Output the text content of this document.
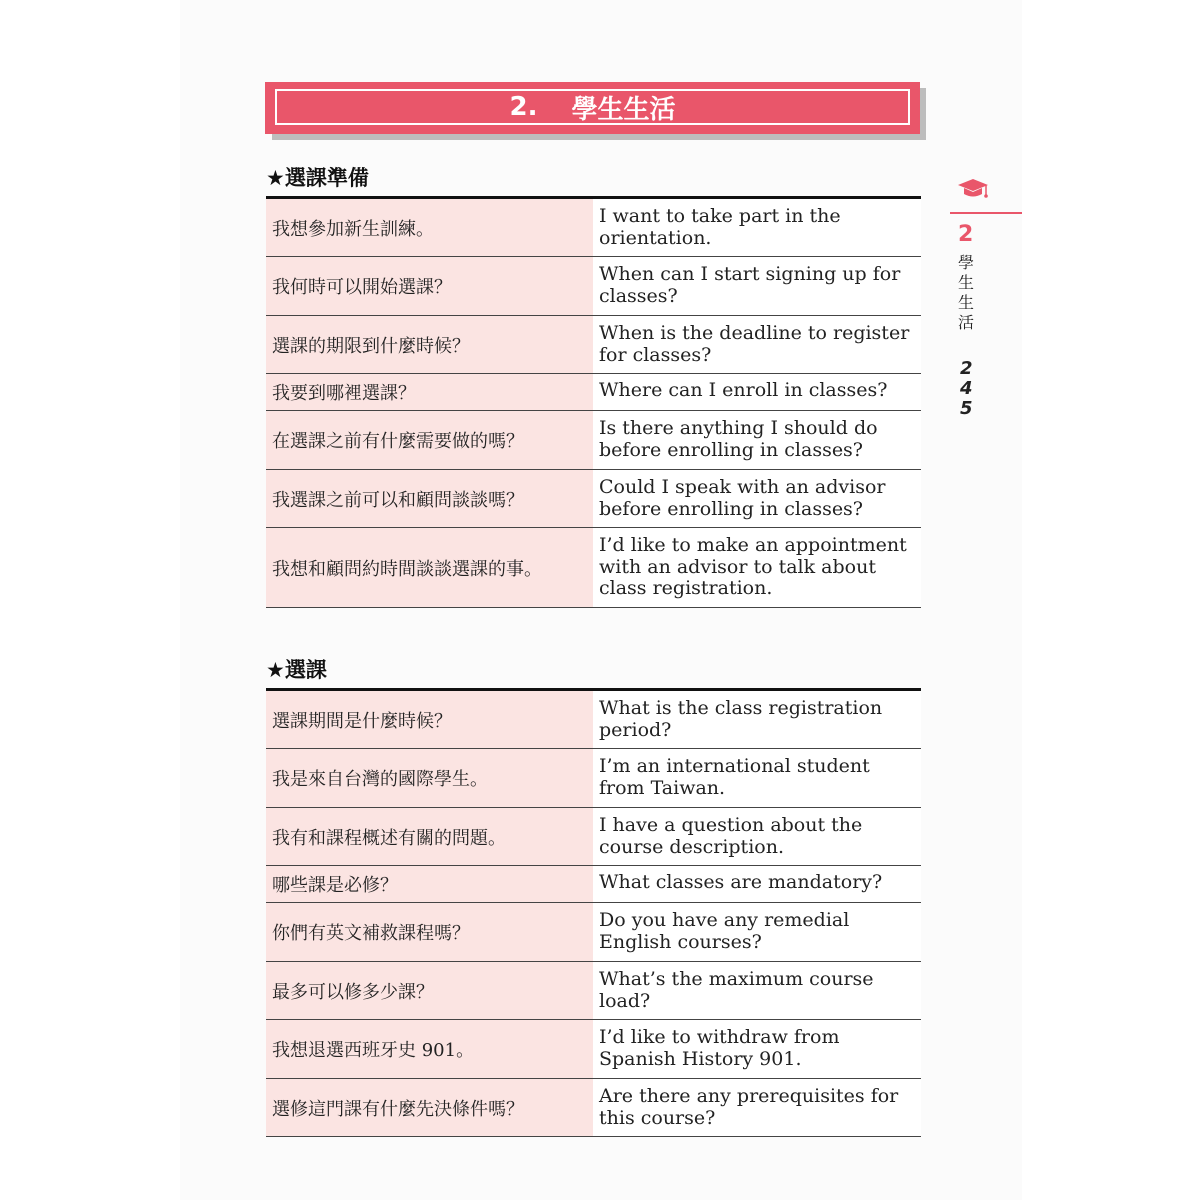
2. 學生生活
★選課準備
我想參加新生訓練。
I want to take part in the orientation.
我何時可以開始選課？
When can I start signing up for classes?
選課的期限到什麼時候？
When is the deadline to register for classes?
我要到哪裡選課？	Where can I enroll in classes?
在選課之前有什麼需要做的嗎？
Is there anything I should do before enrolling in classes?
我選課之前可以和顧問談談嗎？
Could I speak with an advisor before enrolling in classes?
我想和顧問約時間談談選課的事。
I’d like to make an appointment with an advisor to talk about class registration.
★選課
選課期間是什麼時候？
What is the class registration period?
我是來自台灣的國際學生。
I’m an international student from Taiwan.
我有和課程概述有關的問題。
I have a question about the course description.
哪些課是必修？	What classes are mandatory?
你們有英文補救課程嗎？
Do you have any remedial English courses?
最多可以修多少課？
What’s the maximum course load?
我想退選西班牙史 901。
I’d like to withdraw from Spanish History 901.
選修這門課有什麼先決條件嗎？
Are there any prerequisites for this course?
2
學生生活
245
